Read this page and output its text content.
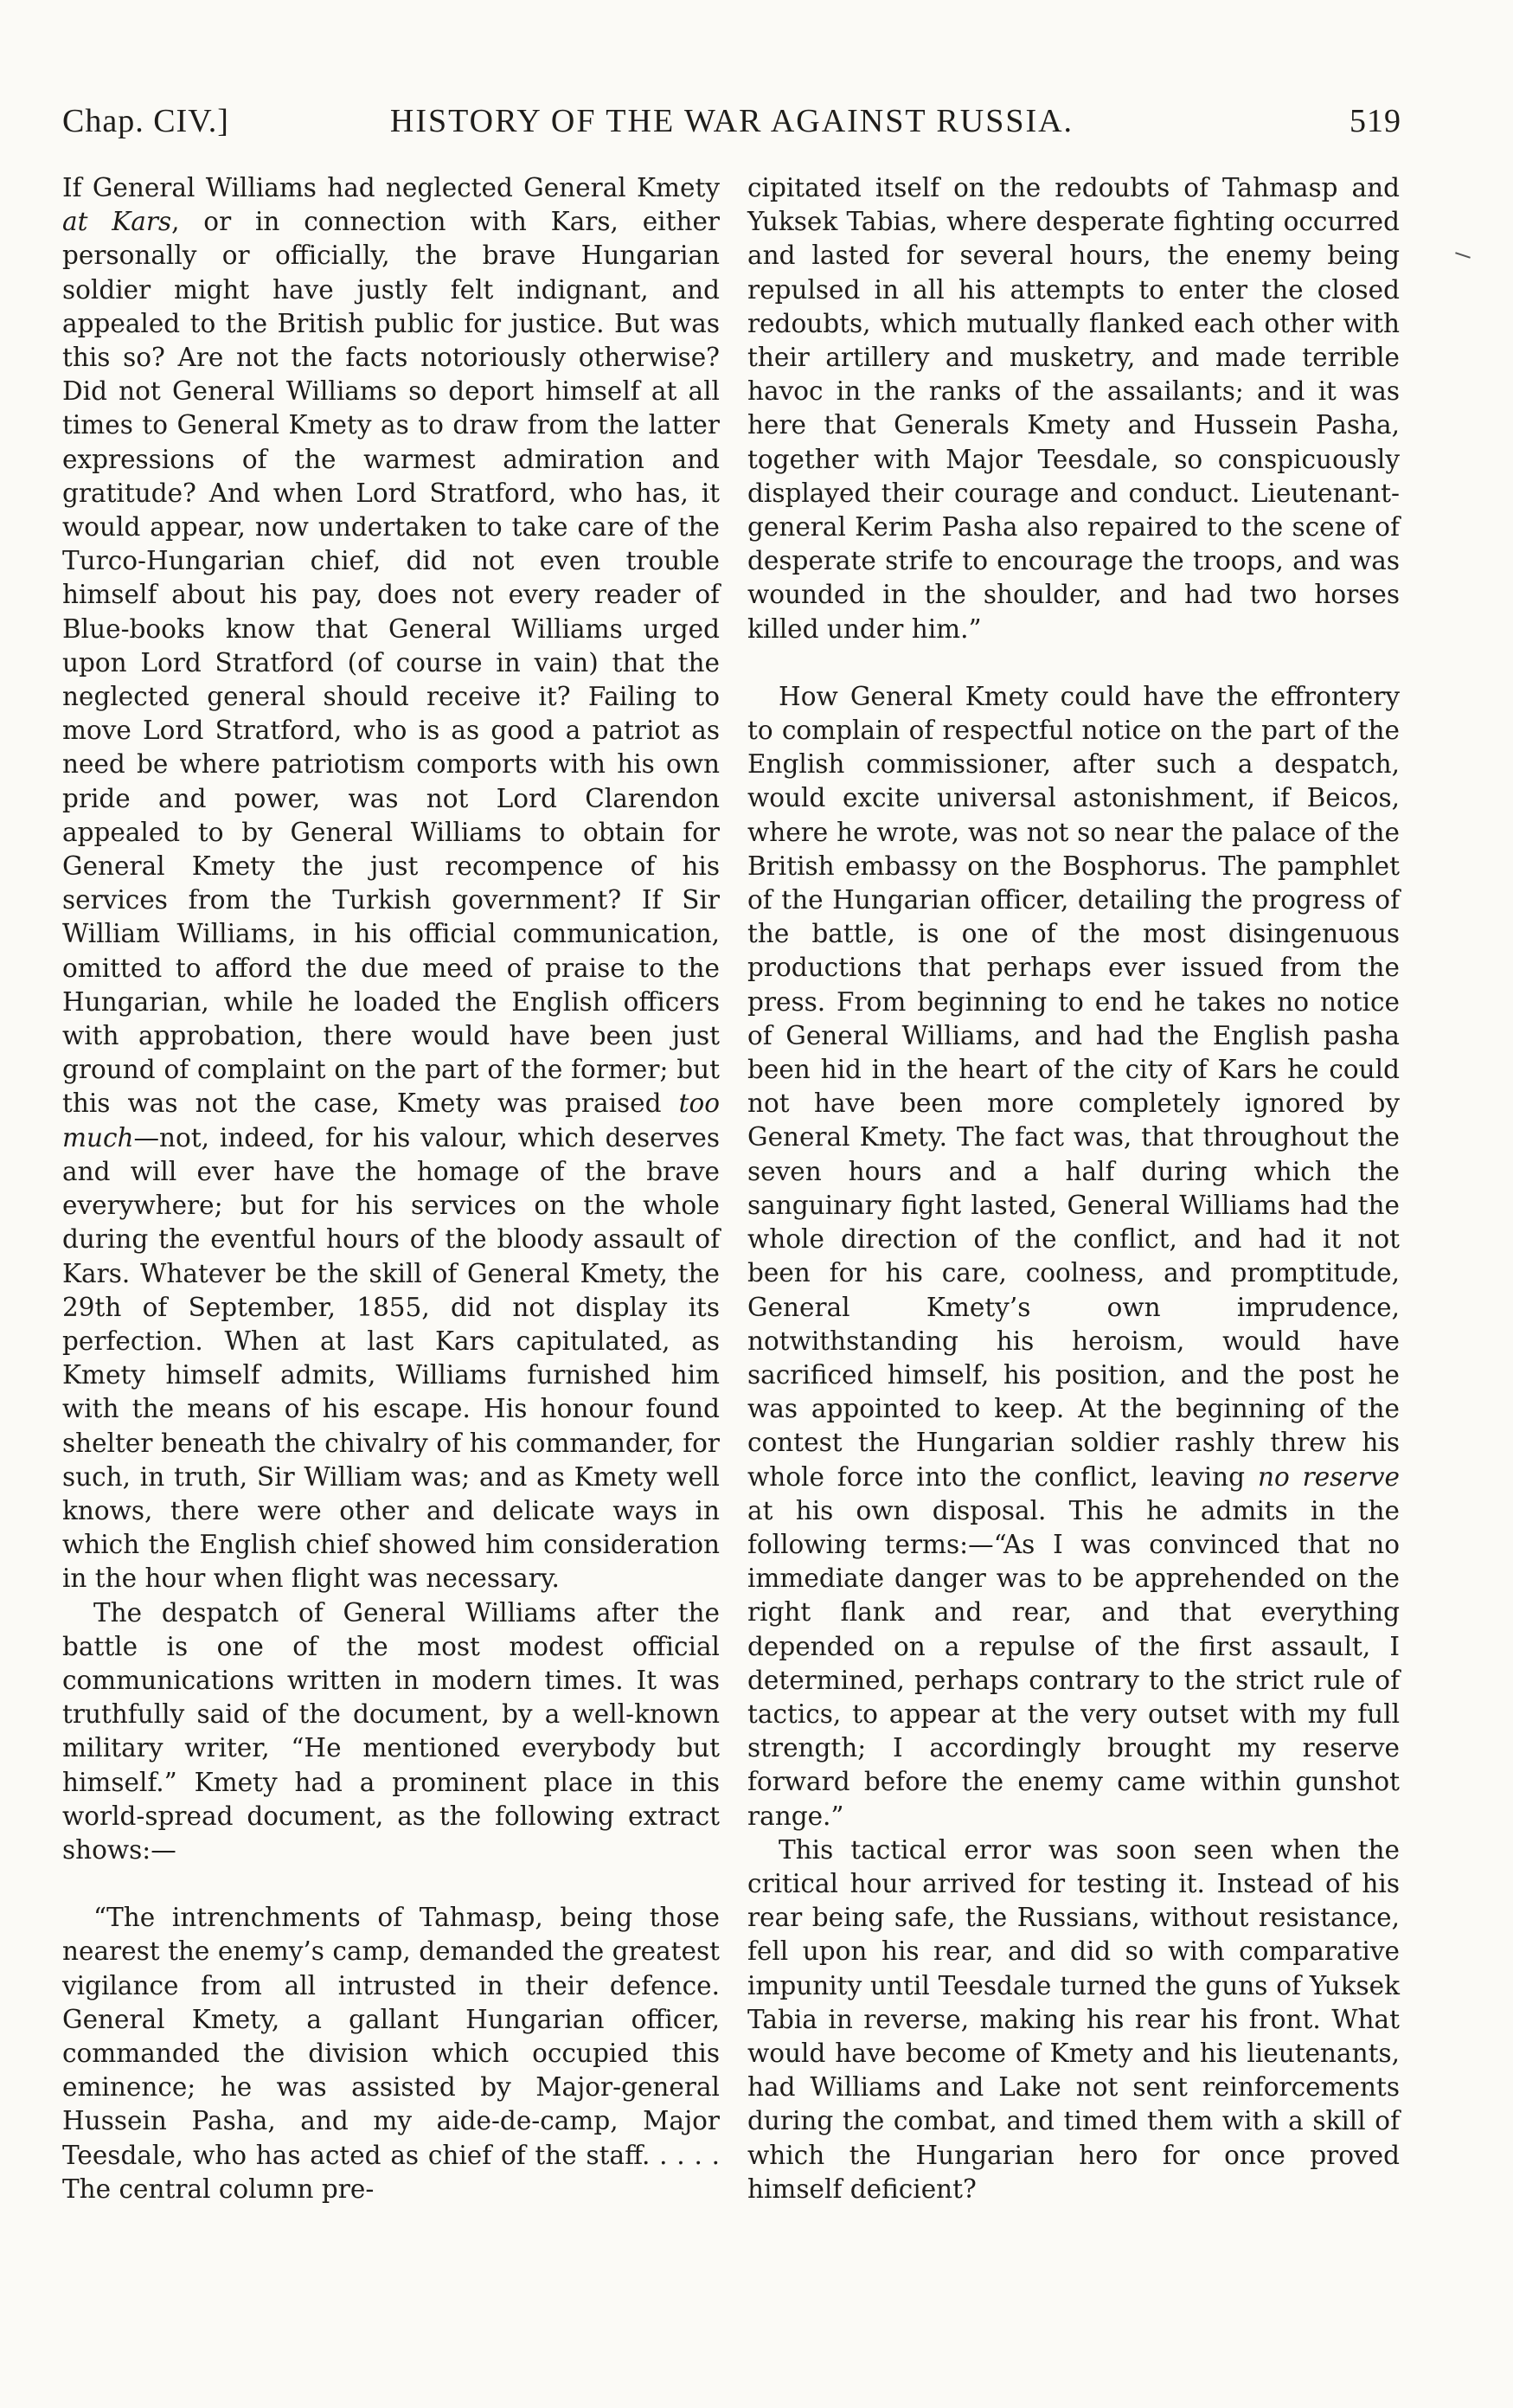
Chap. CIV.]	HISTORY OF THE WAR AGAINST RUSSIA.	519

If General Williams had neglected General Kmety at Kars, or in connection with Kars, either personally or officially, the brave Hungarian soldier might have justly felt indignant, and appealed to the British public for justice. But was this so? Are not the facts notoriously otherwise? Did not General Williams so deport himself at all times to General Kmety as to draw from the latter expressions of the warmest admiration and gratitude? And when Lord Stratford, who has, it would appear, now undertaken to take care of the Turco-Hungarian chief, did not even trouble himself about his pay, does not every reader of Blue-books know that General Williams urged upon Lord Stratford (of course in vain) that the neglected general should receive it? Failing to move Lord Stratford, who is as good a patriot as need be where patriotism comports with his own pride and power, was not Lord Clarendon appealed to by General Williams to obtain for General Kmety the just recompence of his services from the Turkish government? If Sir William Williams, in his official communication, omitted to afford the due meed of praise to the Hungarian, while he loaded the English officers with approbation, there would have been just ground of complaint on the part of the former; but this was not the case, Kmety was praised too much—not, indeed, for his valour, which deserves and will ever have the homage of the brave everywhere; but for his services on the whole during the eventful hours of the bloody assault of Kars. Whatever be the skill of General Kmety, the 29th of September, 1855, did not display its perfection. When at last Kars capitulated, as Kmety himself admits, Williams furnished him with the means of his escape. His honour found shelter beneath the chivalry of his commander, for such, in truth, Sir William was; and as Kmety well knows, there were other and delicate ways in which the English chief showed him consideration in the hour when flight was necessary.

The despatch of General Williams after the battle is one of the most modest official communications written in modern times. It was truthfully said of the document, by a well-known military writer, “He mentioned everybody but himself.” Kmety had a prominent place in this world-spread document, as the following extract shows:—

“The intrenchments of Tahmasp, being those nearest the enemy’s camp, demanded the greatest vigilance from all intrusted in their defence. General Kmety, a gallant Hungarian officer, commanded the division which occupied this eminence; he was assisted by Major-general Hussein Pasha, and my aide-de-camp, Major Teesdale, who has acted as chief of the staff. . . . . The central column pre-

cipitated itself on the redoubts of Tahmasp and Yuksek Tabias, where desperate fighting occurred and lasted for several hours, the enemy being repulsed in all his attempts to enter the closed redoubts, which mutually flanked each other with their artillery and musketry, and made terrible havoc in the ranks of the assailants; and it was here that Generals Kmety and Hussein Pasha, together with Major Teesdale, so conspicuously displayed their courage and conduct. Lieutenant-general Kerim Pasha also repaired to the scene of desperate strife to encourage the troops, and was wounded in the shoulder, and had two horses killed under him.”

How General Kmety could have the effrontery to complain of respectful notice on the part of the English commissioner, after such a despatch, would excite universal astonishment, if Beicos, where he wrote, was not so near the palace of the British embassy on the Bosphorus. The pamphlet of the Hungarian officer, detailing the progress of the battle, is one of the most disingenuous productions that perhaps ever issued from the press. From beginning to end he takes no notice of General Williams, and had the English pasha been hid in the heart of the city of Kars he could not have been more completely ignored by General Kmety. The fact was, that throughout the seven hours and a half during which the sanguinary fight lasted, General Williams had the whole direction of the conflict, and had it not been for his care, coolness, and promptitude, General Kmety’s own imprudence, notwithstanding his heroism, would have sacrificed himself, his position, and the post he was appointed to keep. At the beginning of the contest the Hungarian soldier rashly threw his whole force into the conflict, leaving no reserve at his own disposal. This he admits in the following terms:—“As I was convinced that no immediate danger was to be apprehended on the right flank and rear, and that everything depended on a repulse of the first assault, I determined, perhaps contrary to the strict rule of tactics, to appear at the very outset with my full strength; I accordingly brought my reserve forward before the enemy came within gunshot range.”

This tactical error was soon seen when the critical hour arrived for testing it. Instead of his rear being safe, the Russians, without resistance, fell upon his rear, and did so with comparative impunity until Teesdale turned the guns of Yuksek Tabia in reverse, making his rear his front. What would have become of Kmety and his lieutenants, had Williams and Lake not sent reinforcements during the combat, and timed them with a skill of which the Hungarian hero for once proved himself deficient?
